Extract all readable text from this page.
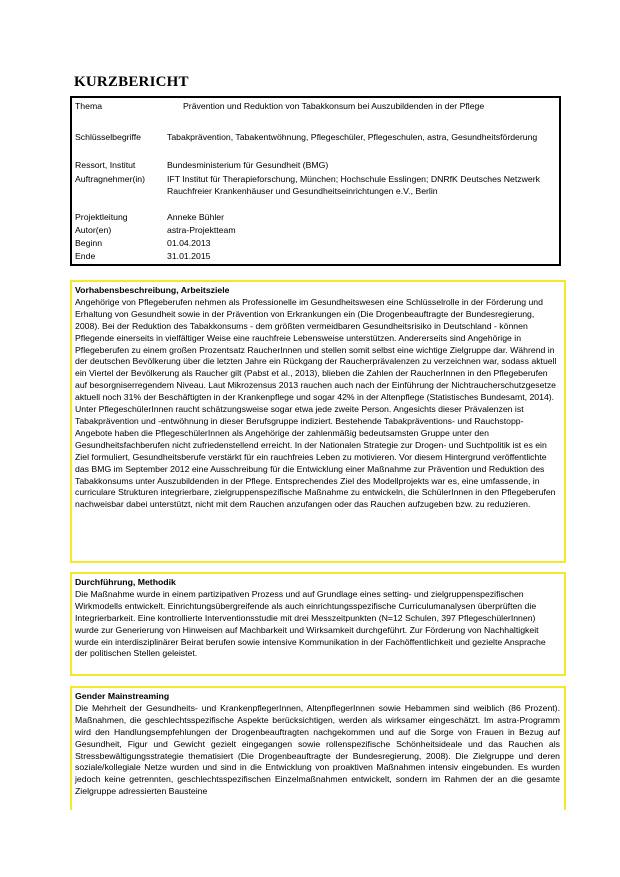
KURZBERICHT
Thema	Prävention und Reduktion von Tabakkonsum bei Auszubildenden in der Pflege
Schlüsselbegriffe	Tabakprävention, Tabakentwöhnung, Pflegeschüler, Pflegeschulen, astra, Gesundheitsförderung
Ressort, Institut	Bundesministerium für Gesundheit (BMG)
Auftragnehmer(in)	IFT Institut für Therapieforschung, München; Hochschule Esslingen; DNRfK Deutsches Netzwerk Rauchfreier Krankenhäuser und Gesundheitseinrichtungen e.V., Berlin
Projektleitung	Anneke Bühler
Autor(en)	astra-Projektteam
Beginn	01.04.2013
Ende	31.01.2015
Vorhabensbeschreibung, Arbeitsziele
Angehörige von Pflegeberufen nehmen als Professionelle im Gesundheitswesen eine Schlüsselrolle in der Förderung und Erhaltung von Gesundheit sowie in der Prävention von Erkrankungen ein (Die Drogenbeauftragte der Bundesregierung, 2008). Bei der Reduktion des Tabakkonsums - dem größten vermeidbaren Gesundheitsrisiko in Deutschland - können Pflegende einerseits in vielfältiger Weise eine rauchfreie Lebensweise unterstützen. Andererseits sind Angehörige in Pflegeberufen zu einem großen Prozentsatz RaucherInnen und stellen somit selbst eine wichtige Zielgruppe dar. Während in der deutschen Bevölkerung über die letzten Jahre ein Rückgang der Raucherprävalenzen zu verzeichnen war, sodass aktuell ein Viertel der Bevölkerung als Raucher gilt (Pabst et al., 2013), blieben die Zahlen der RaucherInnen in den Pflegeberufen auf besorgniserregendem Niveau. Laut Mikrozensus 2013 rauchen auch nach der Einführung der Nichtraucherschutzgesetze aktuell noch 31% der Beschäftigten in der Krankenpflege und sogar 42% in der Altenpflege (Statistisches Bundesamt, 2014). Unter PflegeschülerInnen raucht schätzungsweise sogar etwa jede zweite Person. Angesichts dieser Prävalenzen ist Tabakprävention und -entwöhnung in dieser Berufsgruppe indiziert. Bestehende Tabakpräventions- und Rauchstopp-Angebote haben die PflegeschülerInnen als Angehörige der zahlenmäßig bedeutsamsten Gruppe unter den Gesundheitsfachberufen nicht zufriedenstellend erreicht. In der Nationalen Strategie zur Drogen- und Suchtpolitik ist es ein Ziel formuliert, Gesundheitsberufe verstärkt für ein rauchfreies Leben zu motivieren. Vor diesem Hintergrund veröffentlichte das BMG im September 2012 eine Ausschreibung für die Entwicklung einer Maßnahme zur Prävention und Reduktion des Tabakkonsums unter Auszubildenden in der Pflege. Entsprechendes Ziel des Modellprojekts war es, eine umfassende, in curriculare Strukturen integrierbare, zielgruppenspezifische Maßnahme zu entwickeln, die SchülerInnen in den Pflegeberufen nachweisbar dabei unterstützt, nicht mit dem Rauchen anzufangen oder das Rauchen aufzugeben bzw. zu reduzieren.
Durchführung, Methodik
Die Maßnahme wurde in einem partizipativen Prozess und auf Grundlage eines setting- und zielgruppenspezifischen Wirkmodells entwickelt. Einrichtungsübergreifende als auch einrichtungsspezifische Curriculumanalysen überprüften die Integrierbarkeit. Eine kontrollierte Interventionsstudie mit drei Messzeitpunkten (N=12 Schulen, 397 PflegeschülerInnen) wurde zur Generierung von Hinweisen auf Machbarkeit und Wirksamkeit durchgeführt. Zur Förderung von Nachhaltigkeit wurde ein interdisziplinärer Beirat berufen sowie intensive Kommunikation in der Fachöffentlichkeit und gezielte Ansprache der politischen Stellen geleistet.
Gender Mainstreaming
Die Mehrheit der Gesundheits- und KrankenpflegerInnen, AltenpflegerInnen sowie Hebammen sind weiblich (86 Prozent). Maßnahmen, die geschlechtsspezifische Aspekte berücksichtigen, werden als wirksamer eingeschätzt. Im astra-Programm wird den Handlungsempfehlungen der Drogenbeauftragten nachgekommen und auf die Sorge von Frauen in Bezug auf Gesundheit, Figur und Gewicht gezielt eingegangen sowie rollenspezifische Schönheitsideale und das Rauchen als Stressbewältigungsstrategie thematisiert (Die Drogenbeauftragte der Bundesregierung, 2008). Die Zielgruppe und deren soziale/kollegiale Netze wurden und sind in die Entwicklung von proaktiven Maßnahmen intensiv eingebunden. Es wurden jedoch keine getrennten, geschlechtsspezifischen Einzelmaßnahmen entwickelt, sondern im Rahmen der an die gesamte Zielgruppe adressierten Bausteine
